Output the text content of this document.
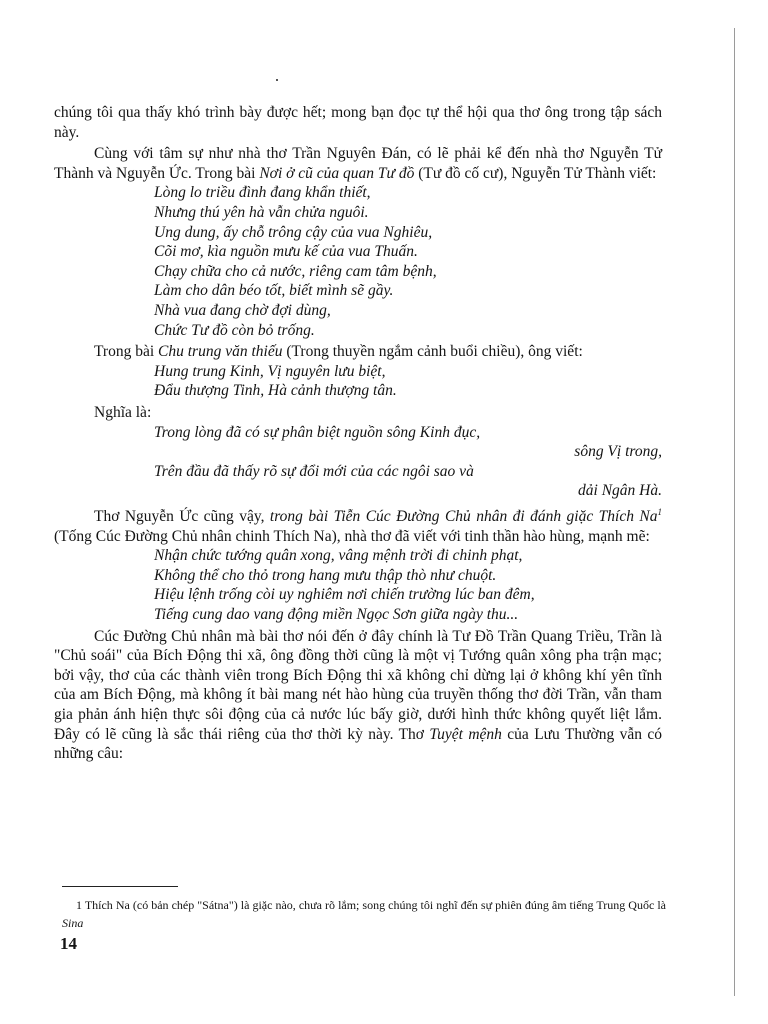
chúng tôi qua thấy khó trình bày được hết; mong bạn đọc tự thể hội qua thơ ông trong tập sách này.

Cùng với tâm sự như nhà thơ Trần Nguyên Đán, có lẽ phải kể đến nhà thơ Nguyễn Tử Thành và Nguyễn Ức. Trong bài Nơi ở cũ của quan Tư đồ (Tư đồ cố cư), Nguyễn Tử Thành viết:

Lòng lo triều đình đang khẩn thiết,
Nhưng thú yên hà vẫn chửa nguôi.
Ung dung, ấy chỗ trông cậy của vua Nghiêu,
Cõi mơ, kìa nguồn mưu kế của vua Thuấn.
Chạy chữa cho cả nước, riêng cam tâm bệnh,
Làm cho dân béo tốt, biết mình sẽ gầy.
Nhà vua đang chờ đợi dùng,
Chức Tư đồ còn bỏ trống.

Trong bài Chu trung văn thiếu (Trong thuyền ngắm cảnh buổi chiều), ông viết:

Hung trung Kinh, Vị nguyên lưu biệt,
Đẩu thượng Tinh, Hà cảnh thượng tân.

Nghĩa là:

Trong lòng đã có sự phân biệt nguồn sông Kinh đục,
sông Vị trong,
Trên đầu đã thấy rõ sự đổi mới của các ngôi sao và
dải Ngân Hà.

Thơ Nguyễn Ức cũng vậy, trong bài Tiễn Cúc Đường Chủ nhân đi đánh giặc Thích Na$^1$ (Tống Cúc Đường Chủ nhân chinh Thích Na), nhà thơ đã viết với tinh thần hào hùng, mạnh mẽ:

Nhận chức tướng quân xong, vâng mệnh trời đi chinh phạt,
Không thể cho thỏ trong hang mưu thập thò như chuột.
Hiệu lệnh trống còi uy nghiêm nơi chiến trường lúc ban đêm,
Tiếng cung dao vang động miền Ngọc Sơn giữa ngày thu...

Cúc Đường Chủ nhân mà bài thơ nói đến ở đây chính là Tư Đồ Trần Quang Triều, Trần là "Chủ soái" của Bích Động thi xã, ông đồng thời cũng là một vị Tướng quân xông pha trận mạc; bởi vậy, thơ của các thành viên trong Bích Động thi xã không chỉ dừng lại ở không khí yên tĩnh của am Bích Động, mà không ít bài mang nét hào hùng của truyền thống thơ đời Trần, vẫn tham gia phản ánh hiện thực sôi động của cả nước lúc bấy giờ, dưới hình thức không quyết liệt lắm. Đây có lẽ cũng là sắc thái riêng của thơ thời kỳ này. Thơ Tuyệt mệnh của Lưu Thường vẫn có những câu:

1 Thích Na (có bản chép "Sátna") là giặc nào, chưa rõ lắm; song chúng tôi nghĩ đến sự phiên đúng âm tiếng Trung Quốc là Sina
14
